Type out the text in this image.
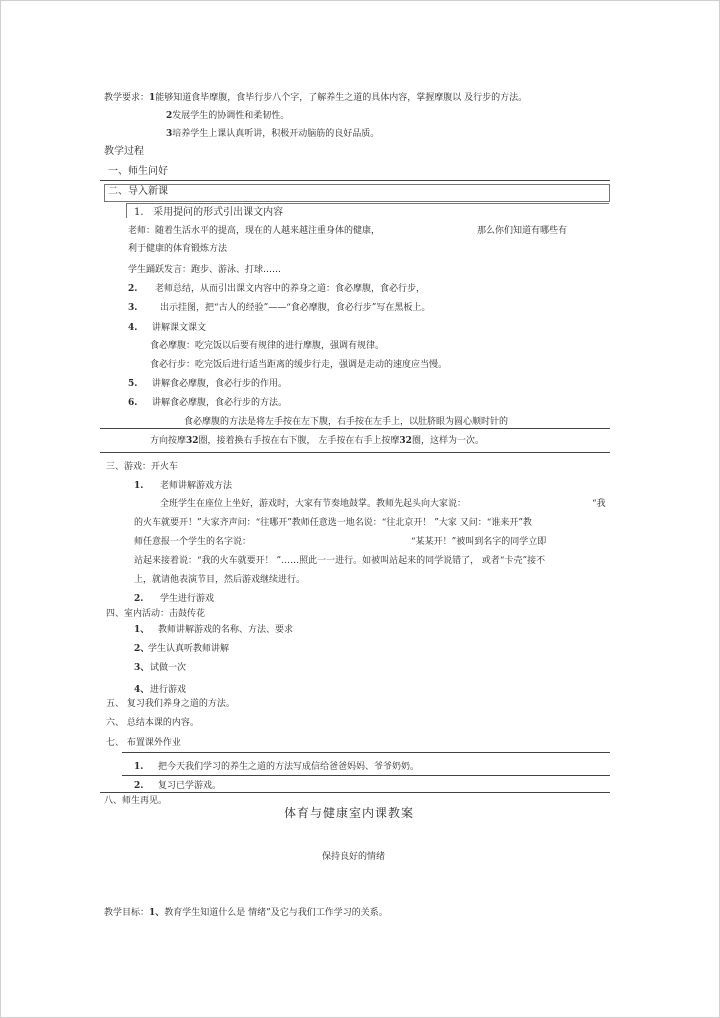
教学要求：1能够知道食毕摩腹，食毕行步八个字，了解养生之道的具体内容，掌握摩腹以 及行步的方法。
2发展学生的协调性和柔韧性。
3培养学生上课认真听讲，积极开动脑筋的良好品质。
教学过程
一、师生问好
二、导入新课
1. 采用提问的形式引出课文内容
老师：随着生活水平的提高，现在的人越来越注重身体的健康，	那么你们知道有哪些有
利于健康的体育锻炼方法
学生踊跃发言：跑步、游泳、打球……
2. 老师总结，从而引出课文内容中的养身之道：食必摩腹，食必行步，
3.	出示挂图，把“古人的经验”——“食必摩腹，食必行步”写在黑板上。
4. 讲解课文课文
食必摩腹：吃完饭以后要有规律的进行摩腹，强调有规律。
食必行步：吃完饭后进行适当距离的缓步行走，强调是走动的速度应当慢。
5. 讲解食必摩腹，食必行步的作用。
6. 讲解食必摩腹，食必行步的方法。
食必摩腹的方法是将左手按在左下腹，右手按在左手上，以肚脐眼为圆心顺时针的
方向按摩32圈，接着换右手按在右下腹， 左手按在右手上按摩32圈，这样为一次。
三、游戏：开火车
1. 老师讲解游戏方法
全班学生在座位上坐好，游戏时，大家有节奏地鼓掌。教师先起头向大家说：	“我
的火车就要开！”大家齐声问：“往哪开”教师任意选一地名说：“往北京开！ ”大家 又问：“谁来开”教
师任意报一个学生的名字说：	“某某开！”被叫到名字的同学立即
站起来接着说：“我的火车就要开！ ”……照此一一进行。如被叫站起来的同学说错了， 或者“卡壳”接不
上，就请他表演节目，然后游戏继续进行。
2. 学生进行游戏
四、室内活动：击鼓传花
1、 教师讲解游戏的名称、方法、要求
2、
学生认真听教师讲解
3、 试做一次
4、 进行游戏
五、 复习我们养身之道的方法。
六、 总结本课的内容。
七、 布置课外作业
1. 把今天我们学习的养生之道的方法写成信给爸爸妈妈、爷爷奶奶。
2. 复习已学游戏。
八、师生再见。
体育与健康室内课教案
保持良好的情绪
教学目标：1、教育学生知道什么是 情绪”及它与我们工作学习的关系。
